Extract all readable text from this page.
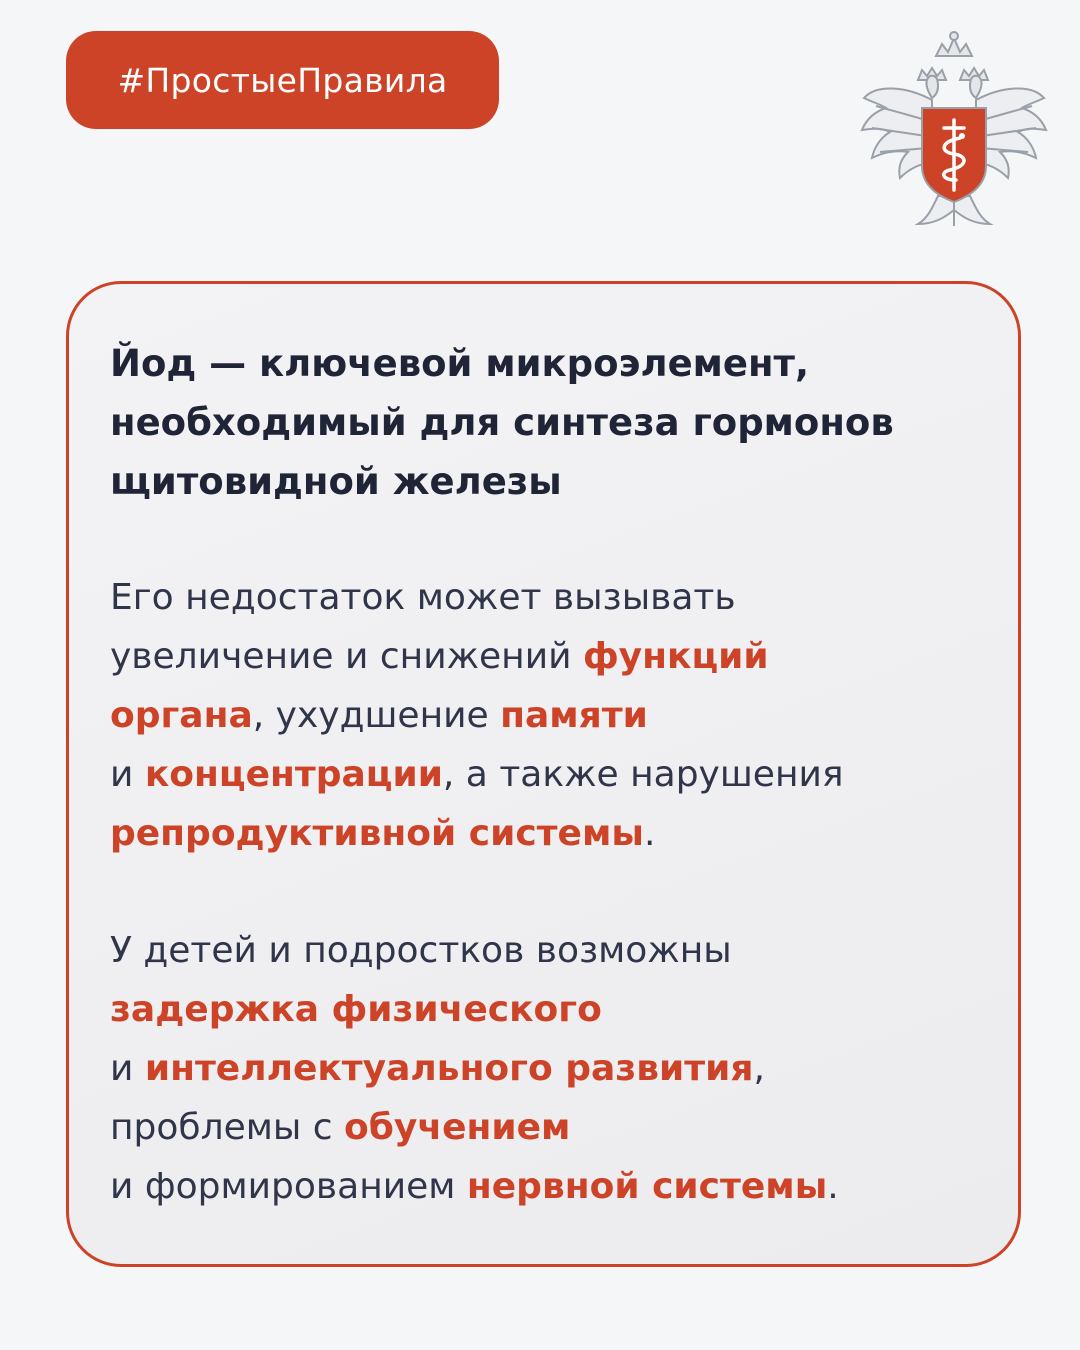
#ПростыеПравила
Йод — ключевой микроэлемент,
необходимый для синтеза гормонов
щитовидной железы

Его недостаток может вызывать
увеличение и снижений функций
органа, ухудшение памяти
и концентрации, а также нарушения
репродуктивной системы.

У детей и подростков возможны
задержка физического
и интеллектуального развития,
проблемы с обучением
и формированием нервной системы.
